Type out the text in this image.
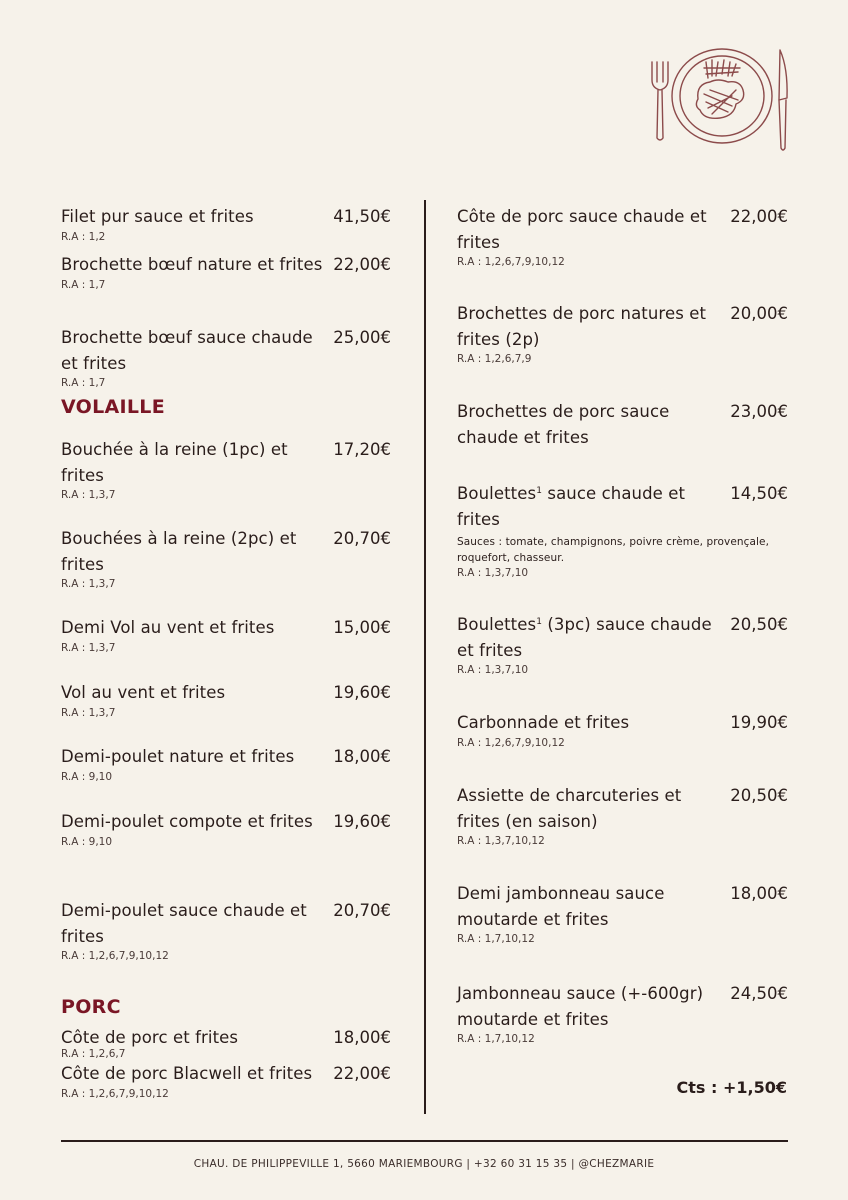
Filet pur sauce et frites	41,50€
R.A : 1,2
Brochette bœuf nature et frites 22,00€
R.A : 1,7
Brochette bœuf sauce chaude et frites
25,00€
R.A : 1,7
VOLAILLE
Bouchée à la reine (1pc) et frites
17,20€
R.A : 1,3,7
Bouchées à la reine (2pc) et frites
20,70€
R.A : 1,3,7
Demi Vol au vent et frites	15,00€
R.A : 1,3,7
Vol au vent et frites	19,60€
R.A : 1,3,7
Demi-poulet nature et frites	18,00€
R.A : 9,10
Demi-poulet compote et frites	19,60€
R.A : 9,10
Demi-poulet sauce chaude et frites
20,70€
R.A : 1,2,6,7,9,10,12
PORC
Côte de porc et frites	18,00€
R.A : 1,2,6,7
Côte de porc Blacwell et frites	22,00€
R.A : 1,2,6,7,9,10,12
Côte de porc sauce chaude et frites
22,00€
R.A : 1,2,6,7,9,10,12
Brochettes de porc natures et frites (2p)
20,00€
R.A : 1,2,6,7,9
Brochettes de porc sauce chaude et frites
23,00€
Boulettes$^1$ sauce chaude et frites
14,50€
Sauces : tomate, champignons, poivre crème, provençale, roquefort, chasseur.
R.A : 1,3,7,10
Boulettes$^1$ (3pc) sauce chaude et frites
20,50€
R.A : 1,3,7,10
Carbonnade et frites	19,90€
R.A : 1,2,6,7,9,10,12
Assiette de charcuteries et frites (en saison)
20,50€
R.A : 1,3,7,10,12
Demi jambonneau sauce moutarde et frites
18,00€
R.A : 1,7,10,12
Jambonneau sauce (+-600gr) moutarde et frites
24,50€
R.A : 1,7,10,12
Cts : +1,50€
CHAU. DE PHILIPPEVILLE 1, 5660 MARIEMBOURG | +32 60 31 15 35 | @CHEZMARIE
